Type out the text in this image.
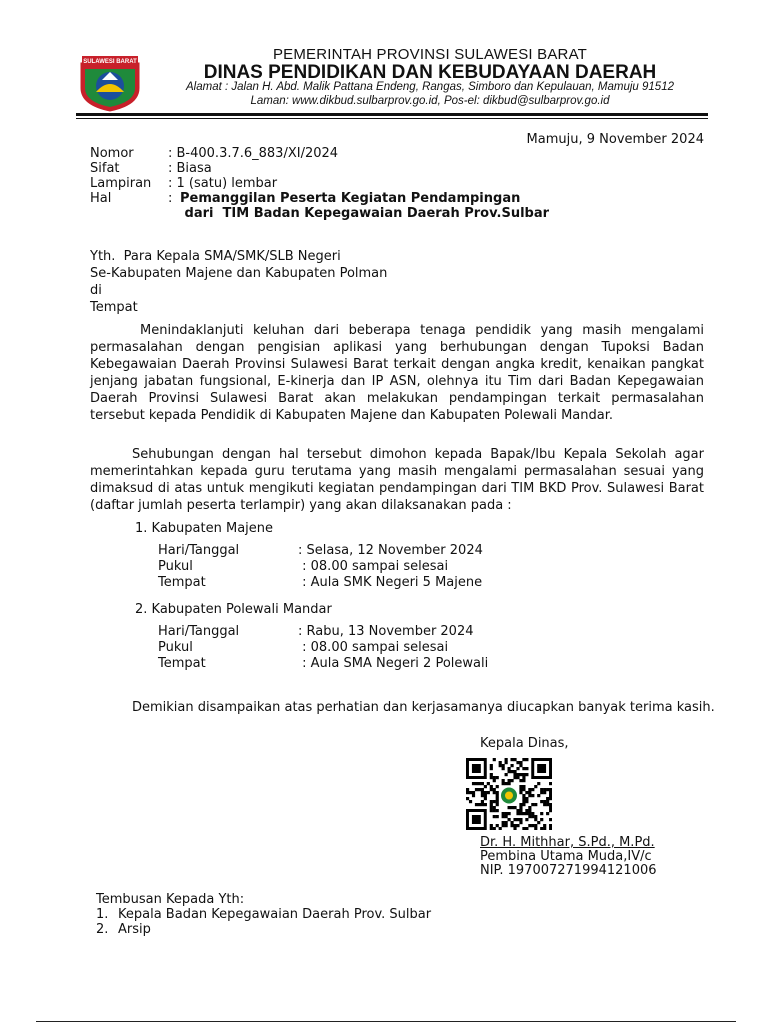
SULAWESI BARAT	PEMERINTAH PROVINSI SULAWESI BARAT
DINAS PENDIDIKAN DAN KEBUDAYAAN DAERAH
Alamat : Jalan H. Abd. Malik Pattana Endeng, Rangas, Simboro dan Kepulauan, Mamuju 91512
Laman: www.dikbud.sulbarprov.go.id, Pos-el: dikbud@sulbarprov.go.id
Mamuju, 9 November 2024
Nomor	: B-400.3.7.6_883/XI/2024
Sifat	: Biasa
Lampiran	: 1 (satu) lembar
Hal	: Pemanggilan Peserta Kegiatan Pendampingan
dari  TIM Badan Kepegawaian Daerah Prov.Sulbar
Yth.  Para Kepala SMA/SMK/SLB Negeri
Se-Kabupaten Majene dan Kabupaten Polman
di
Tempat

Menindaklanjuti keluhan dari beberapa tenaga pendidik yang masih mengalami permasalahan dengan pengisian aplikasi yang berhubungan dengan Tupoksi Badan Kebegawaian Daerah Provinsi Sulawesi Barat terkait dengan angka kredit, kenaikan pangkat jenjang jabatan fungsional, E-kinerja dan IP ASN, olehnya itu Tim dari Badan Kepegawaian Daerah Provinsi Sulawesi Barat akan melakukan pendampingan terkait permasalahan tersebut kepada Pendidik di Kabupaten Majene dan Kabupaten Polewali Mandar.

Sehubungan dengan hal tersebut dimohon kepada Bapak/Ibu Kepala Sekolah agar memerintahkan kepada guru terutama yang masih mengalami permasalahan sesuai yang dimaksud di atas untuk mengikuti kegiatan pendampingan dari TIM BKD Prov. Sulawesi Barat (daftar jumlah peserta terlampir) yang akan dilaksanakan pada :

1. Kabupaten Majene
Hari/Tanggal	: Selasa, 12 November 2024
Pukul	: 08.00 sampai selesai
Tempat	: Aula SMK Negeri 5 Majene
2. Kabupaten Polewali Mandar
Hari/Tanggal	: Rabu, 13 November 2024
Pukul	: 08.00 sampai selesai
Tempat	: Aula SMA Negeri 2 Polewali
Demikian disampaikan atas perhatian dan kerjasamanya diucapkan banyak terima kasih.
Kepala Dinas,
Dr. H. Mithhar, S.Pd., M.Pd.
Pembina Utama Muda,IV/c
NIP. 197007271994121006
Tembusan Kepada Yth:
1. Kepala Badan Kepegawaian Daerah Prov. Sulbar
2. Arsip
